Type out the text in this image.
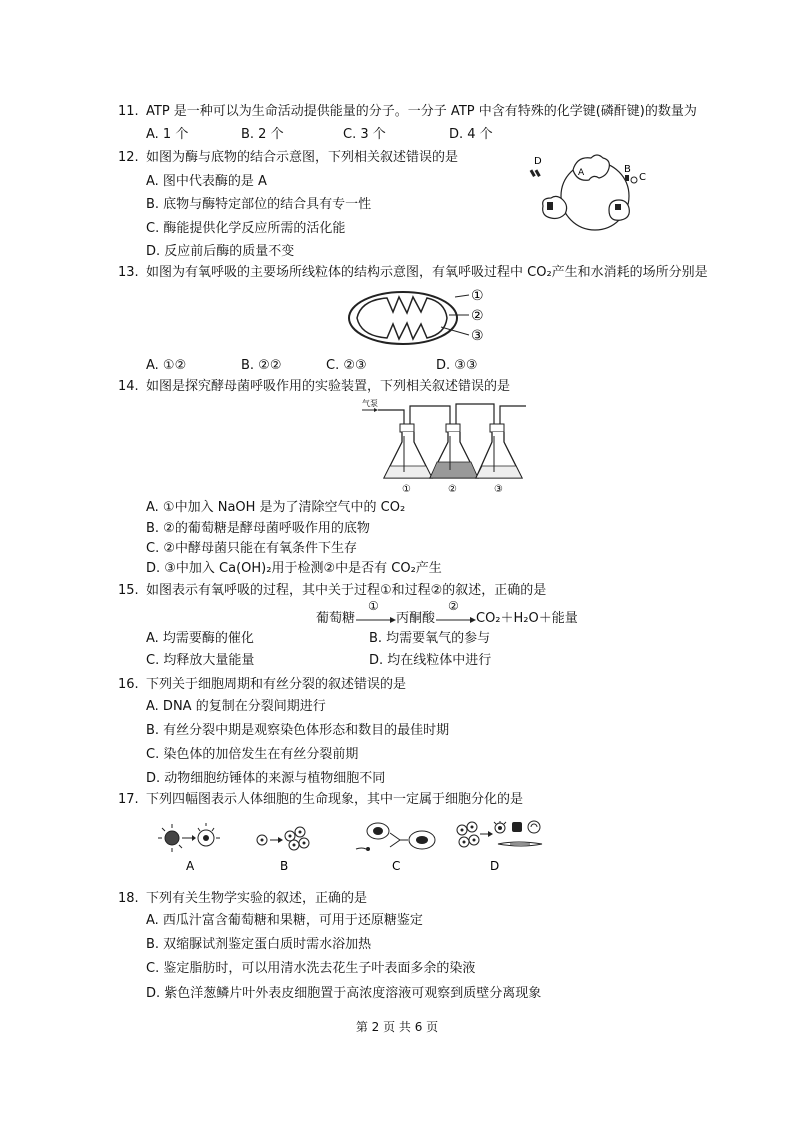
11. ATP 是一种可以为生命活动提供能量的分子。一分子 ATP 中含有特殊的化学键(磷酐键)的数量为
A. 1 个	B. 2 个	C. 3 个	D. 4 个
12. 如图为酶与底物的结合示意图，下列相关叙述错误的是
A. 图中代表酶的是 A
B. 底物与酶特定部位的结合具有专一性
C. 酶能提供化学反应所需的活化能
D. 反应前后酶的质量不变
D
A	B
C
13. 如图为有氧呼吸的主要场所线粒体的结构示意图，有氧呼吸过程中 CO₂产生和水消耗的场所分别是
①
②
③
A. ①②	B. ②②	C. ②③	D. ③③
14. 如图是探究酵母菌呼吸作用的实验装置，下列相关叙述错误的是
气泵
①	②	③
A. ①中加入 NaOH 是为了清除空气中的 CO₂
B. ②的葡萄糖是酵母菌呼吸作用的底物
C. ②中酵母菌只能在有氧条件下生存
D. ③中加入 Ca(OH)₂用于检测②中是否有 CO₂产生
15. 如图表示有氧呼吸的过程，其中关于过程①和过程②的叙述，正确的是
葡萄糖
①
丙酮酸
②
CO₂＋H₂O＋能量
A. 均需要酶的催化	B. 均需要氧气的参与
C. 均释放大量能量	D. 均在线粒体中进行
16. 下列关于细胞周期和有丝分裂的叙述错误的是
A. DNA 的复制在分裂间期进行
B. 有丝分裂中期是观察染色体形态和数目的最佳时期
C. 染色体的加倍发生在有丝分裂前期
D. 动物细胞纺锤体的来源与植物细胞不同
17. 下列四幅图表示人体细胞的生命现象，其中一定属于细胞分化的是
A	B	C	D
18. 下列有关生物学实验的叙述，正确的是
A. 西瓜汁富含葡萄糖和果糖，可用于还原糖鉴定
B. 双缩脲试剂鉴定蛋白质时需水浴加热
C. 鉴定脂肪时，可以用清水洗去花生子叶表面多余的染液
D. 紫色洋葱鳞片叶外表皮细胞置于高浓度溶液可观察到质壁分离现象
第 2 页 共 6 页
